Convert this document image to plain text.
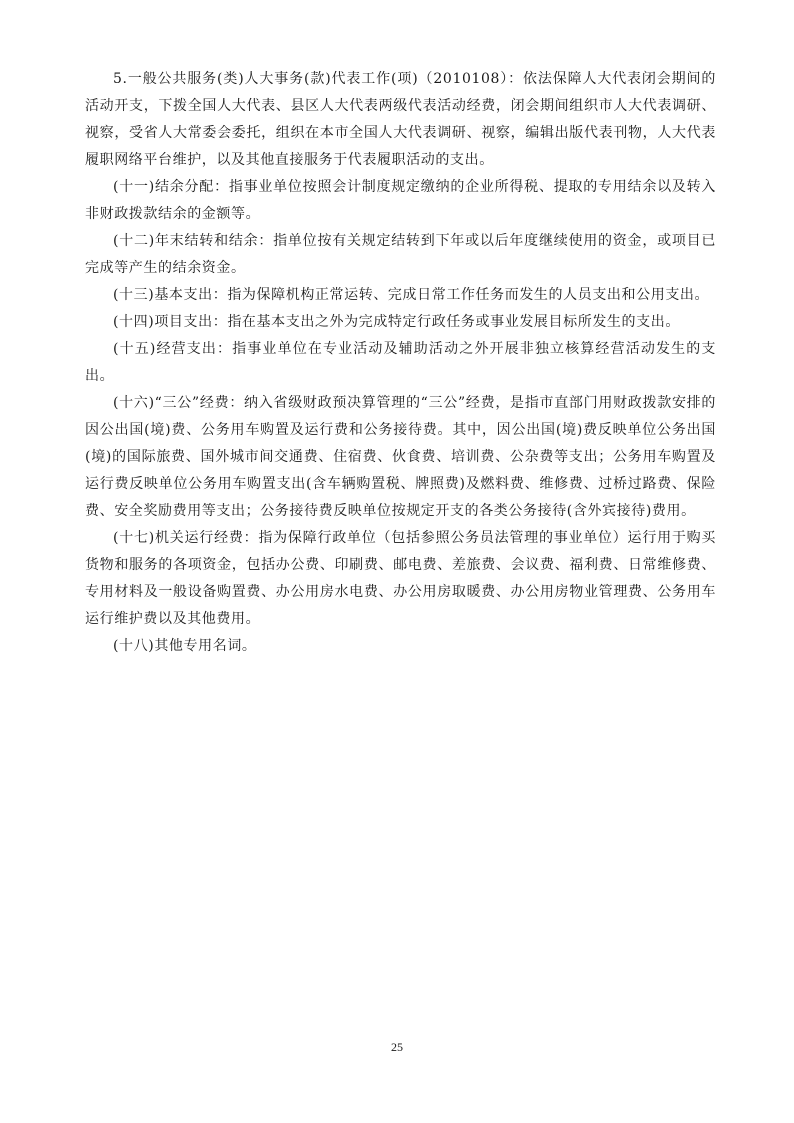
5.一般公共服务(类)人大事务(款)代表工作(项)（2010108）：依法保障人大代表闭会期间的活动开支，下拨全国人大代表、县区人大代表两级代表活动经费，闭会期间组织市人大代表调研、视察，受省人大常委会委托，组织在本市全国人大代表调研、视察，编辑出版代表刊物，人大代表履职网络平台维护，以及其他直接服务于代表履职活动的支出。

(十一)结余分配：指事业单位按照会计制度规定缴纳的企业所得税、提取的专用结余以及转入非财政拨款结余的金额等。

(十二)年末结转和结余：指单位按有关规定结转到下年或以后年度继续使用的资金，或项目已完成等产生的结余资金。

(十三)基本支出：指为保障机构正常运转、完成日常工作任务而发生的人员支出和公用支出。

(十四)项目支出：指在基本支出之外为完成特定行政任务或事业发展目标所发生的支出。

(十五)经营支出：指事业单位在专业活动及辅助活动之外开展非独立核算经营活动发生的支出。

(十六)“三公”经费：纳入省级财政预决算管理的“三公”经费，是指市直部门用财政拨款安排的因公出国(境)费、公务用车购置及运行费和公务接待费。其中，因公出国(境)费反映单位公务出国(境)的国际旅费、国外城市间交通费、住宿费、伙食费、培训费、公杂费等支出；公务用车购置及运行费反映单位公务用车购置支出(含车辆购置税、牌照费)及燃料费、维修费、过桥过路费、保险费、安全奖励费用等支出；公务接待费反映单位按规定开支的各类公务接待(含外宾接待)费用。

(十七)机关运行经费：指为保障行政单位（包括参照公务员法管理的事业单位）运行用于购买货物和服务的各项资金，包括办公费、印刷费、邮电费、差旅费、会议费、福利费、日常维修费、专用材料及一般设备购置费、办公用房水电费、办公用房取暖费、办公用房物业管理费、公务用车运行维护费以及其他费用。

(十八)其他专用名词。

25
